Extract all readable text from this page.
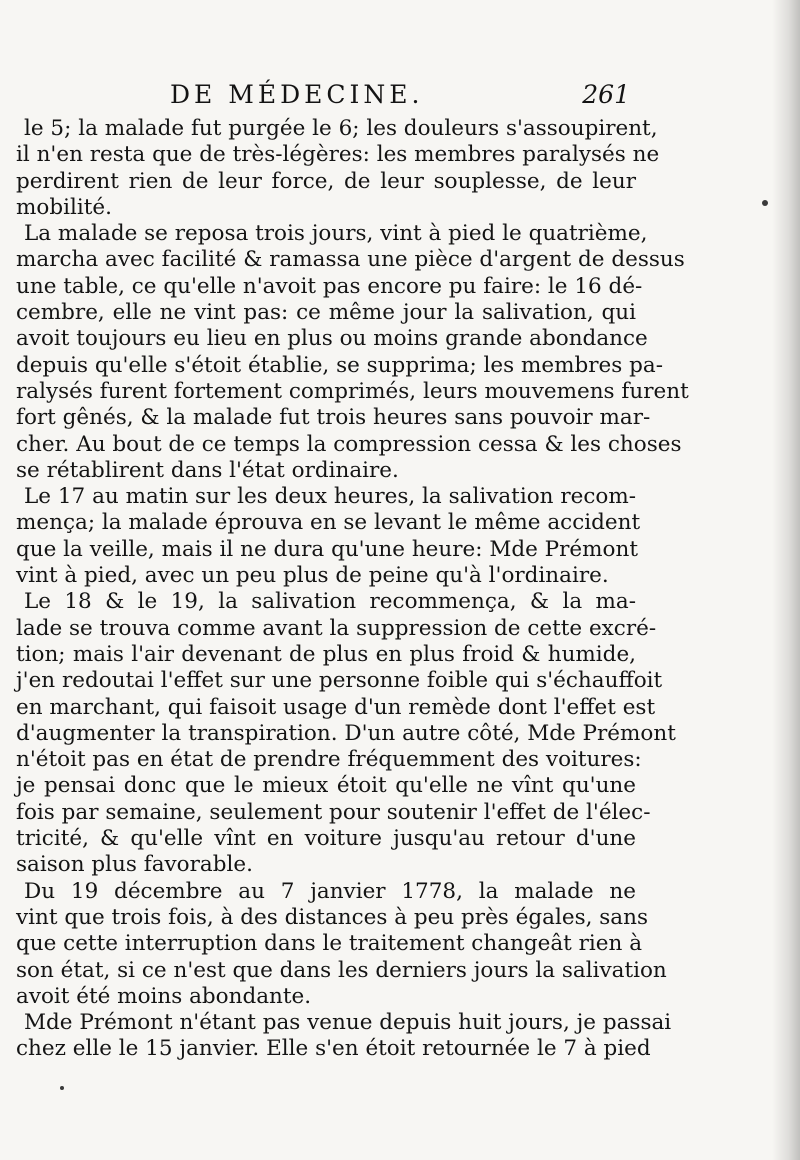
DE MÉDECINE.	261
le 5; la malade fut purgée le 6; les douleurs s'assoupirent,
il n'en resta que de très-légères: les membres paralysés ne
perdirent rien de leur force, de leur souplesse, de leur
mobilité.
La malade se reposa trois jours, vint à pied le quatrième,
marcha avec facilité & ramassa une pièce d'argent de dessus
une table, ce qu'elle n'avoit pas encore pu faire: le 16 dé-
cembre, elle ne vint pas: ce même jour la salivation, qui
avoit toujours eu lieu en plus ou moins grande abondance
depuis qu'elle s'étoit établie, se supprima; les membres pa-
ralysés furent fortement comprimés, leurs mouvemens furent
fort gênés, & la malade fut trois heures sans pouvoir mar-
cher. Au bout de ce temps la compression cessa & les choses
se rétablirent dans l'état ordinaire.
Le 17 au matin sur les deux heures, la salivation recom-
mença; la malade éprouva en se levant le même accident
que la veille, mais il ne dura qu'une heure: Mde Prémont
vint à pied, avec un peu plus de peine qu'à l'ordinaire.
Le 18 & le 19, la salivation recommença, & la ma-
lade se trouva comme avant la suppression de cette excré-
tion; mais l'air devenant de plus en plus froid & humide,
j'en redoutai l'effet sur une personne foible qui s'échauffoit
en marchant, qui faisoit usage d'un remède dont l'effet est
d'augmenter la transpiration. D'un autre côté, Mde Prémont
n'étoit pas en état de prendre fréquemment des voitures:
je pensai donc que le mieux étoit qu'elle ne vînt qu'une
fois par semaine, seulement pour soutenir l'effet de l'élec-
tricité, & qu'elle vînt en voiture jusqu'au retour d'une
saison plus favorable.
Du 19 décembre au 7 janvier 1778, la malade ne
vint que trois fois, à des distances à peu près égales, sans
que cette interruption dans le traitement changeât rien à
son état, si ce n'est que dans les derniers jours la salivation
avoit été moins abondante.
Mde Prémont n'étant pas venue depuis huit jours, je passai
chez elle le 15 janvier. Elle s'en étoit retournée le 7 à pied
